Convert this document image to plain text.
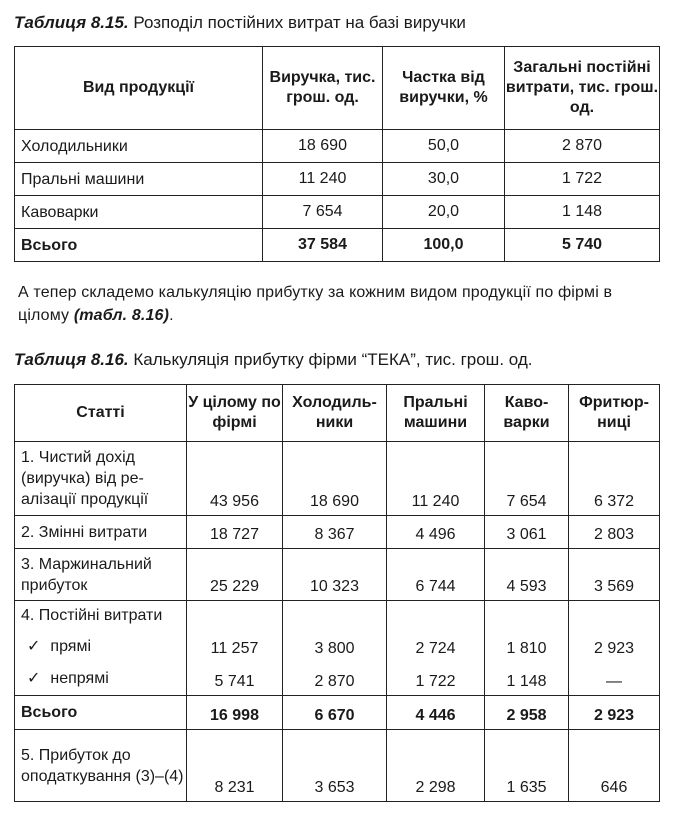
Таблиця 8.15. Розподіл постійних витрат на базі виручки
Вид продукції	Виручка, тис. грош. од.	Частка від виручки, %	Загальні постійні витрати, тис. грош. од.
Холодильники	18 690	50,0	2 870
Пральні машини	11 240	30,0	1 722
Кавоварки	7 654	20,0	1 148
Всього	37 584	100,0	5 740
А тепер складемо калькуляцію прибутку за кожним видом продукції по фірмі в цілому (табл. 8.16).
Таблиця 8.16. Калькуляція прибутку фірми “ТЕКА”, тис. грош. од.
Статті	У цілому по фірмі	Холодиль-ники	Пральні машини	Каво-варки	Фритюр-ниці
1. Чистий дохід (виручка) від ре-алізації продукції	43 956	18 690	11 240	7 654	6 372
2. Змінні витрати	18 727	8 367	4 496	3 061	2 803
3. Маржинальний прибуток	25 229	10 323	6 744	4 593	3 569
4. Постійні витрати					
✓ прямі	11 257	3 800	2 724	1 810	2 923
✓ непрямі	5 741	2 870	1 722	1 148	—
Всього	16 998	6 670	4 446	2 958	2 923
5. Прибуток до оподаткування (3)–(4)	8 231	3 653	2 298	1 635	646
